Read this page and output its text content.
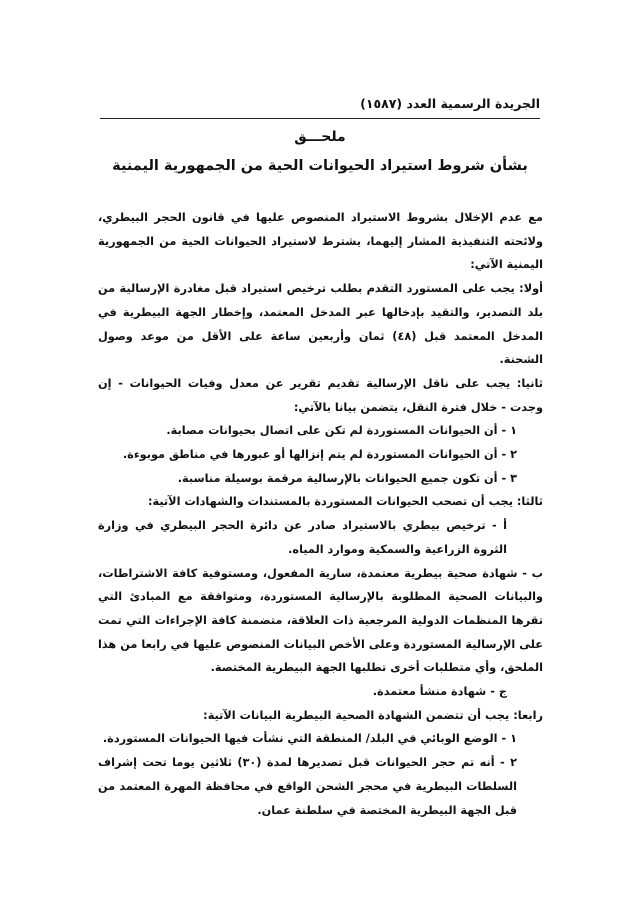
الجريدة الرسمية العدد (١٥٨٧)
ملحـــق
بشأن شروط استيراد الحيوانات الحية من الجمهورية اليمنية

مع عدم الإخلال بشروط الاستيراد المنصوص عليها في قانون الحجر البيطري، ولائحته التنفيذية المشار إليهما، يشترط لاستيراد الحيوانات الحية من الجمهورية اليمنية الآتي:

أولا: يجب على المستورد التقدم بطلب ترخيص استيراد قبل مغادرة الإرسالية من بلد التصدير، والتقيد بإدخالها عبر المدخل المعتمد، وإخطار الجهة البيطرية في المدخل المعتمد قبل (٤٨) ثمان وأربعين ساعة على الأقل من موعد وصول الشحنة.

ثانيا: يجب على ناقل الإرسالية تقديم تقرير عن معدل وفيات الحيوانات - إن وجدت - خلال فترة النقل، يتضمن بيانا بالآتي:

١ - أن الحيوانات المستوردة لم تكن على اتصال بحيوانات مصابة.

٢ - أن الحيوانات المستوردة لم يتم إنزالها أو عبورها في مناطق موبوءة.

٣ - أن تكون جميع الحيوانات بالإرسالية مرقمة بوسيلة مناسبة.

ثالثا: يجب أن تصحب الحيوانات المستوردة بالمستندات والشهادات الآتية:

أ - ترخيص بيطري بالاستيراد صادر عن دائرة الحجر البيطري في وزارة الثروة الزراعية والسمكية وموارد المياه.

ب - شهادة صحية بيطرية معتمدة، سارية المفعول، ومستوفية كافة الاشتراطات، والبيانات الصحية المطلوبة بالإرسالية المستوردة، ومتوافقة مع المبادئ التي تقرها المنظمات الدولية المرجعية ذات العلاقة، متضمنة كافة الإجراءات التي تمت على الإرسالية المستوردة وعلى الأخص البيانات المنصوص عليها في رابعا من هذا الملحق، وأي متطلبات أخرى تطلبها الجهة البيطرية المختصة.

ج - شهادة منشأ معتمدة.

رابعا: يجب أن تتضمن الشهادة الصحية البيطرية البيانات الآتية:

١ - الوضع الوبائي في البلد/ المنطقة التي نشأت فيها الحيوانات المستوردة.

٢ - أنه تم حجر الحيوانات قبل تصديرها لمدة (٣٠) ثلاثين يوما تحت إشراف السلطات البيطرية في محجر الشحن الواقع في محافظة المهرة المعتمد من قبل الجهة البيطرية المختصة في سلطنة عمان.
